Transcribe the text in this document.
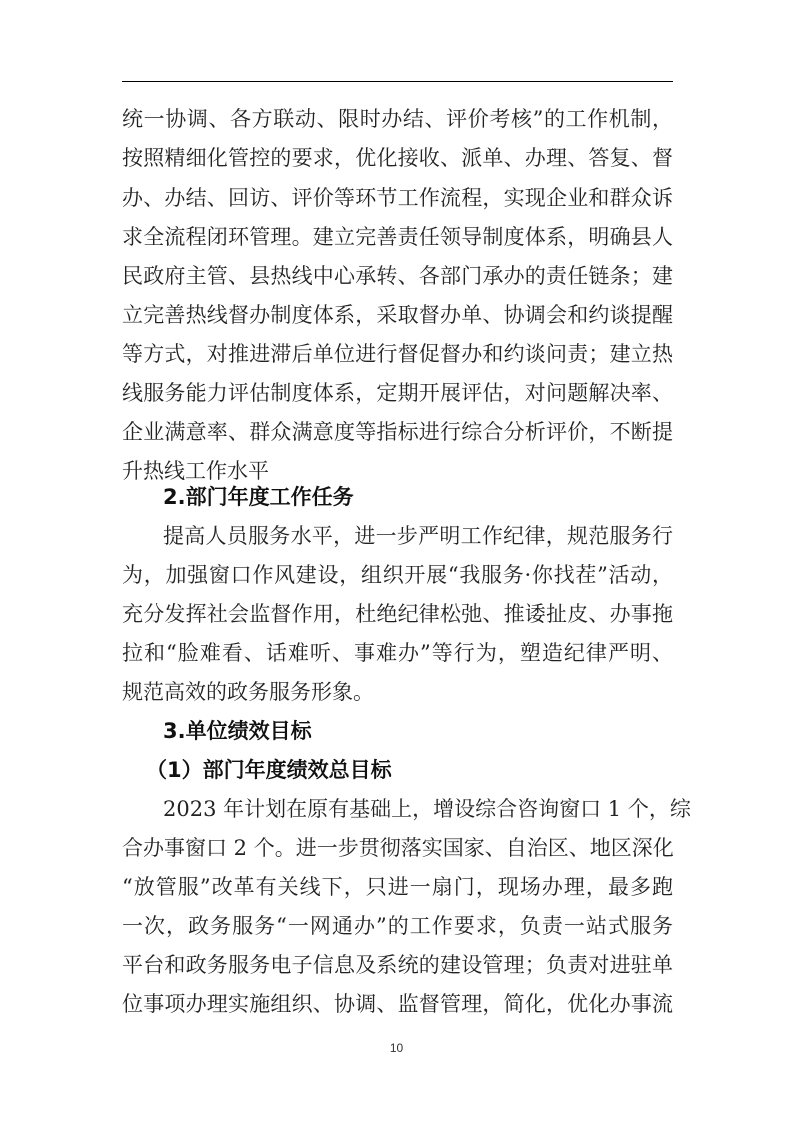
统一协调、各方联动、限时办结、评价考核”的工作机制，
按照精细化管控的要求，优化接收、派单、办理、答复、督
办、办结、回访、评价等环节工作流程，实现企业和群众诉
求全流程闭环管理。建立完善责任领导制度体系，明确县人
民政府主管、县热线中心承转、各部门承办的责任链条；建
立完善热线督办制度体系，采取督办单、协调会和约谈提醒
等方式，对推进滞后单位进行督促督办和约谈问责；建立热
线服务能力评估制度体系，定期开展评估，对问题解决率、
企业满意率、群众满意度等指标进行综合分析评价，不断提
升热线工作水平
2.部门年度工作任务
提高人员服务水平，进一步严明工作纪律，规范服务行
为，加强窗口作风建设，组织开展“我服务·你找茬”活动，
充分发挥社会监督作用，杜绝纪律松弛、推诿扯皮、办事拖
拉和“脸难看、话难听、事难办”等行为，塑造纪律严明、
规范高效的政务服务形象。
3.单位绩效目标
（1）部门年度绩效总目标
2023 年计划在原有基础上，增设综合咨询窗口 1 个，综
合办事窗口 2 个。进一步贯彻落实国家、自治区、地区深化
“放管服”改革有关线下，只进一扇门，现场办理，最多跑
一次，政务服务“一网通办”的工作要求，负责一站式服务
平台和政务服务电子信息及系统的建设管理；负责对进驻单
位事项办理实施组织、协调、监督管理，简化，优化办事流
10
